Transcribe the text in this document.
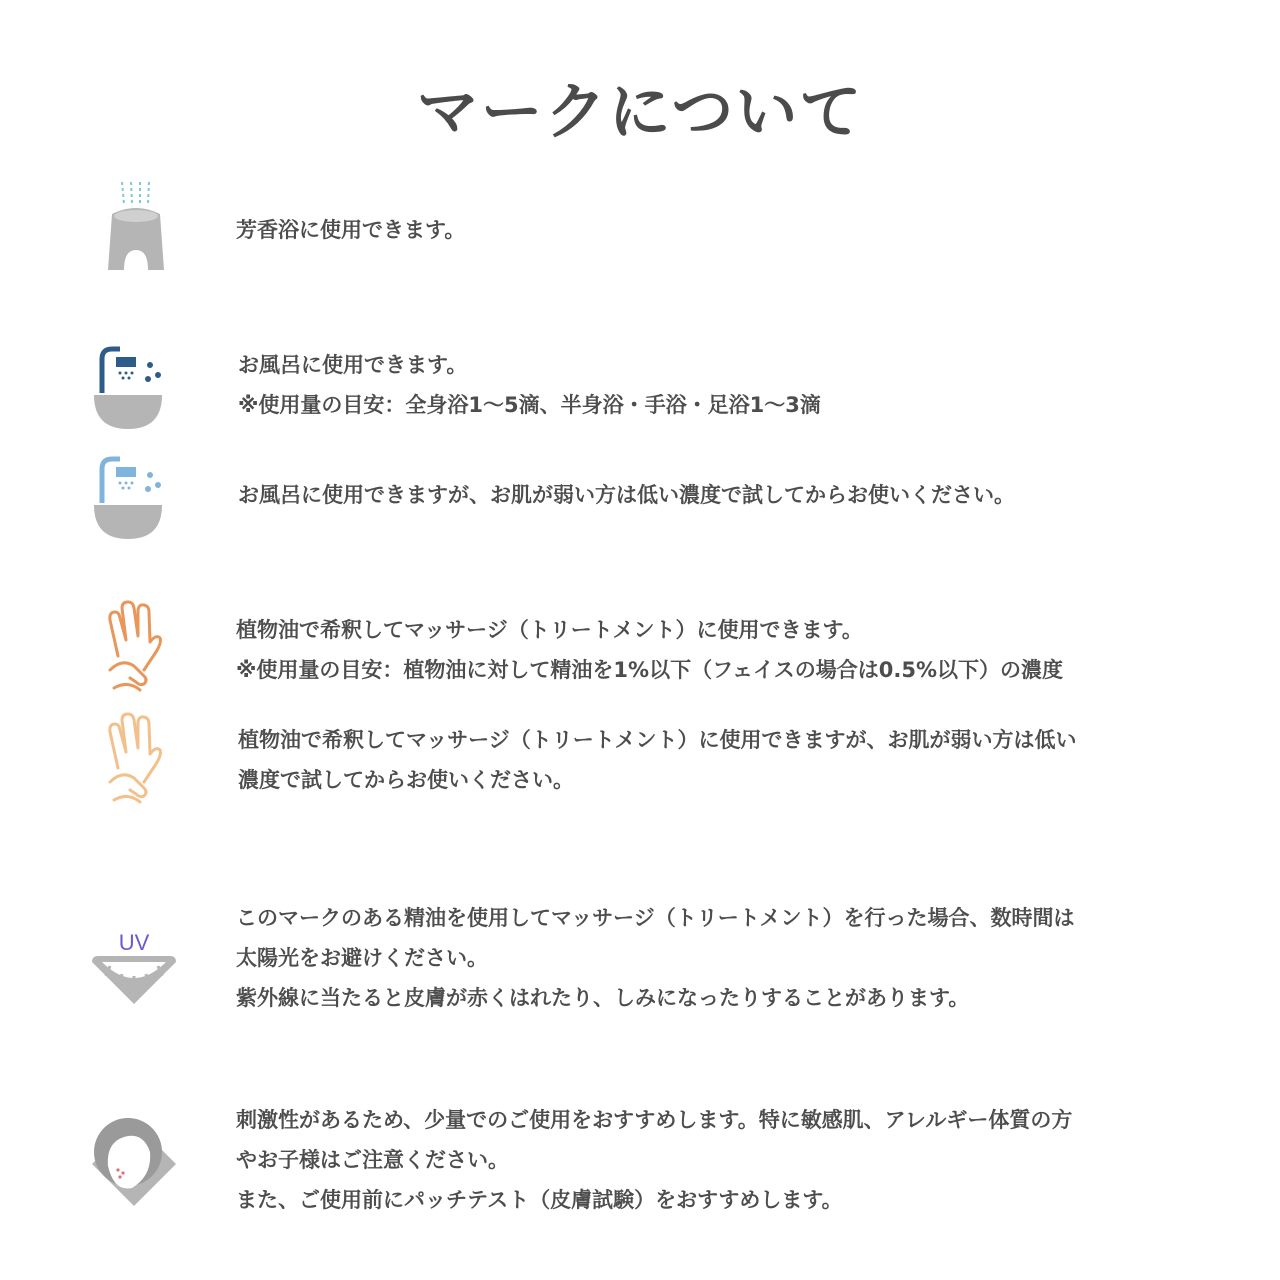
マークについて
芳香浴に使用できます。
お風呂に使用できます。
※使用量の目安：全身浴1〜5滴、半身浴・手浴・足浴1〜3滴
お風呂に使用できますが、お肌が弱い方は低い濃度で試してからお使いください。
植物油で希釈してマッサージ（トリートメント）に使用できます。
※使用量の目安：植物油に対して精油を1%以下（フェイスの場合は0.5%以下）の濃度
植物油で希釈してマッサージ（トリートメント）に使用できますが、お肌が弱い方は低い
濃度で試してからお使いください。
UV
このマークのある精油を使用してマッサージ（トリートメント）を行った場合、数時間は
太陽光をお避けください。
紫外線に当たると皮膚が赤くはれたり、しみになったりすることがあります。
刺激性があるため、少量でのご使用をおすすめします。特に敏感肌、アレルギー体質の方
やお子様はご注意ください。
また、ご使用前にパッチテスト（皮膚試験）をおすすめします。
